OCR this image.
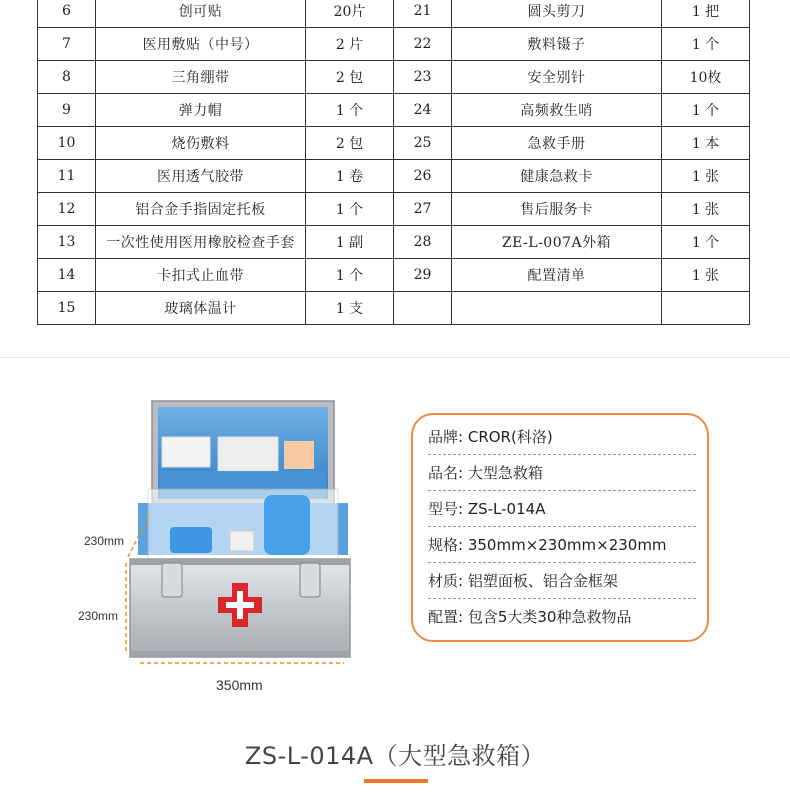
6	创可贴	20片	21	圆头剪刀	1 把
7	医用敷贴（中号）	2 片	22	敷料镊子	1 个
8	三角绷带	2 包	23	安全别针	10枚
9	弹力帽	1 个	24	高频救生哨	1 个
10	烧伤敷料	2 包	25	急救手册	1 本
11	医用透气胶带	1 卷	26	健康急救卡	1 张
12	铝合金手指固定托板	1 个	27	售后服务卡	1 张
13	一次性使用医用橡胶检查手套	1 副	28	ZE-L-007A外箱	1 个
14	卡扣式止血带	1 个	29	配置清单	1 张
15	玻璃体温计	1 支			
230mm
230mm
350mm
品牌: CROR(科洛)
品名: 大型急救箱
型号: ZS-L-014A
规格: 350mm×230mm×230mm
材质: 铝塑面板、铝合金框架
配置: 包含5大类30种急救物品
ZS-L-014A（大型急救箱）
